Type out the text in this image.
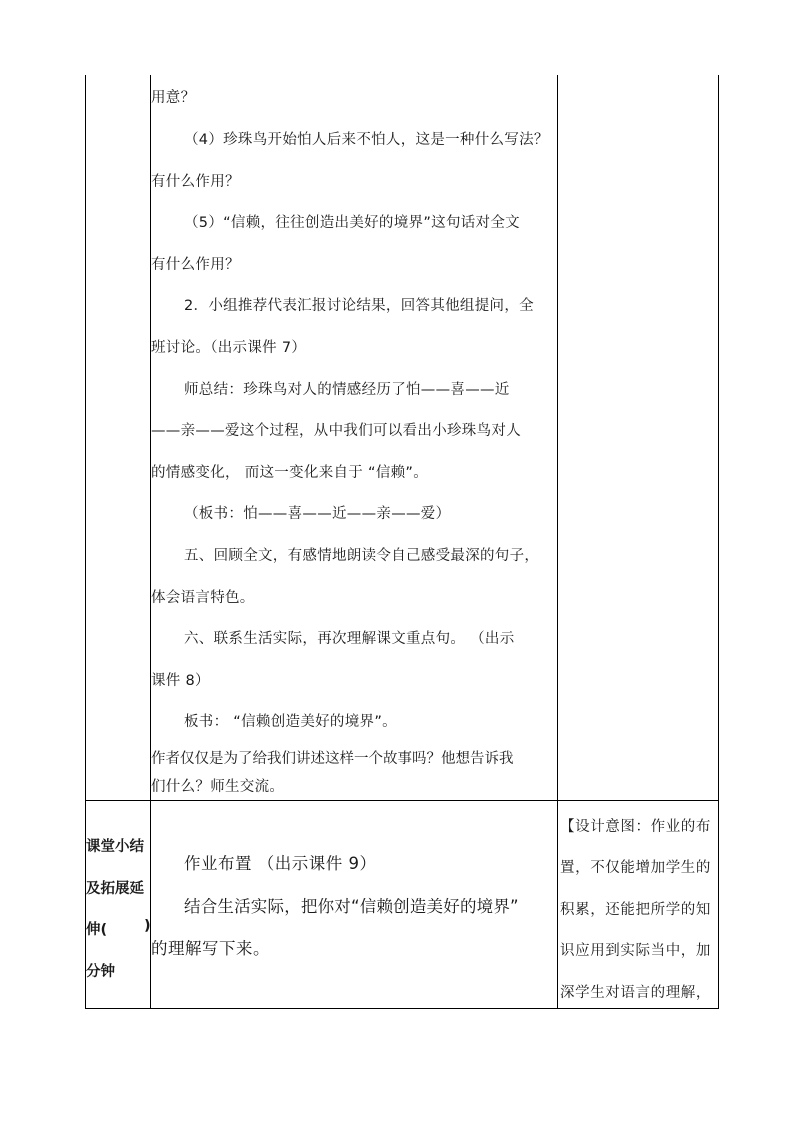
用意？
（4）珍珠鸟开始怕人后来不怕人，这是一种什么写法？
有什么作用？
（5）“信赖，往往创造出美好的境界”这句话对全文
有什么作用？
2．小组推荐代表汇报讨论结果，回答其他组提问，全
班讨论。（出示课件 7）
师总结：珍珠鸟对人的情感经历了怕——喜——近
——亲——爱这个过程，从中我们可以看出小珍珠鸟对人
的情感变化， 而这一变化来自于 “信赖”。
（板书：怕——喜——近——亲——爱）
五、回顾全文，有感情地朗读令自己感受最深的句子，
体会语言特色。
六、联系生活实际，再次理解课文重点句。 （出示
课件 8）
板书： “信赖创造美好的境界”。
作者仅仅是为了给我们讲述这样一个故事吗？他想告诉我
们什么？师生交流。
课堂小结
及拓展延
伸(	)
分钟
作业布置 （出示课件 9）
结合生活实际，把你对“信赖创造美好的境界”
的理解写下来。
【设计意图：作业的布
置，不仅能增加学生的
积累，还能把所学的知
识应用到实际当中，加
深学生对语言的理解，
